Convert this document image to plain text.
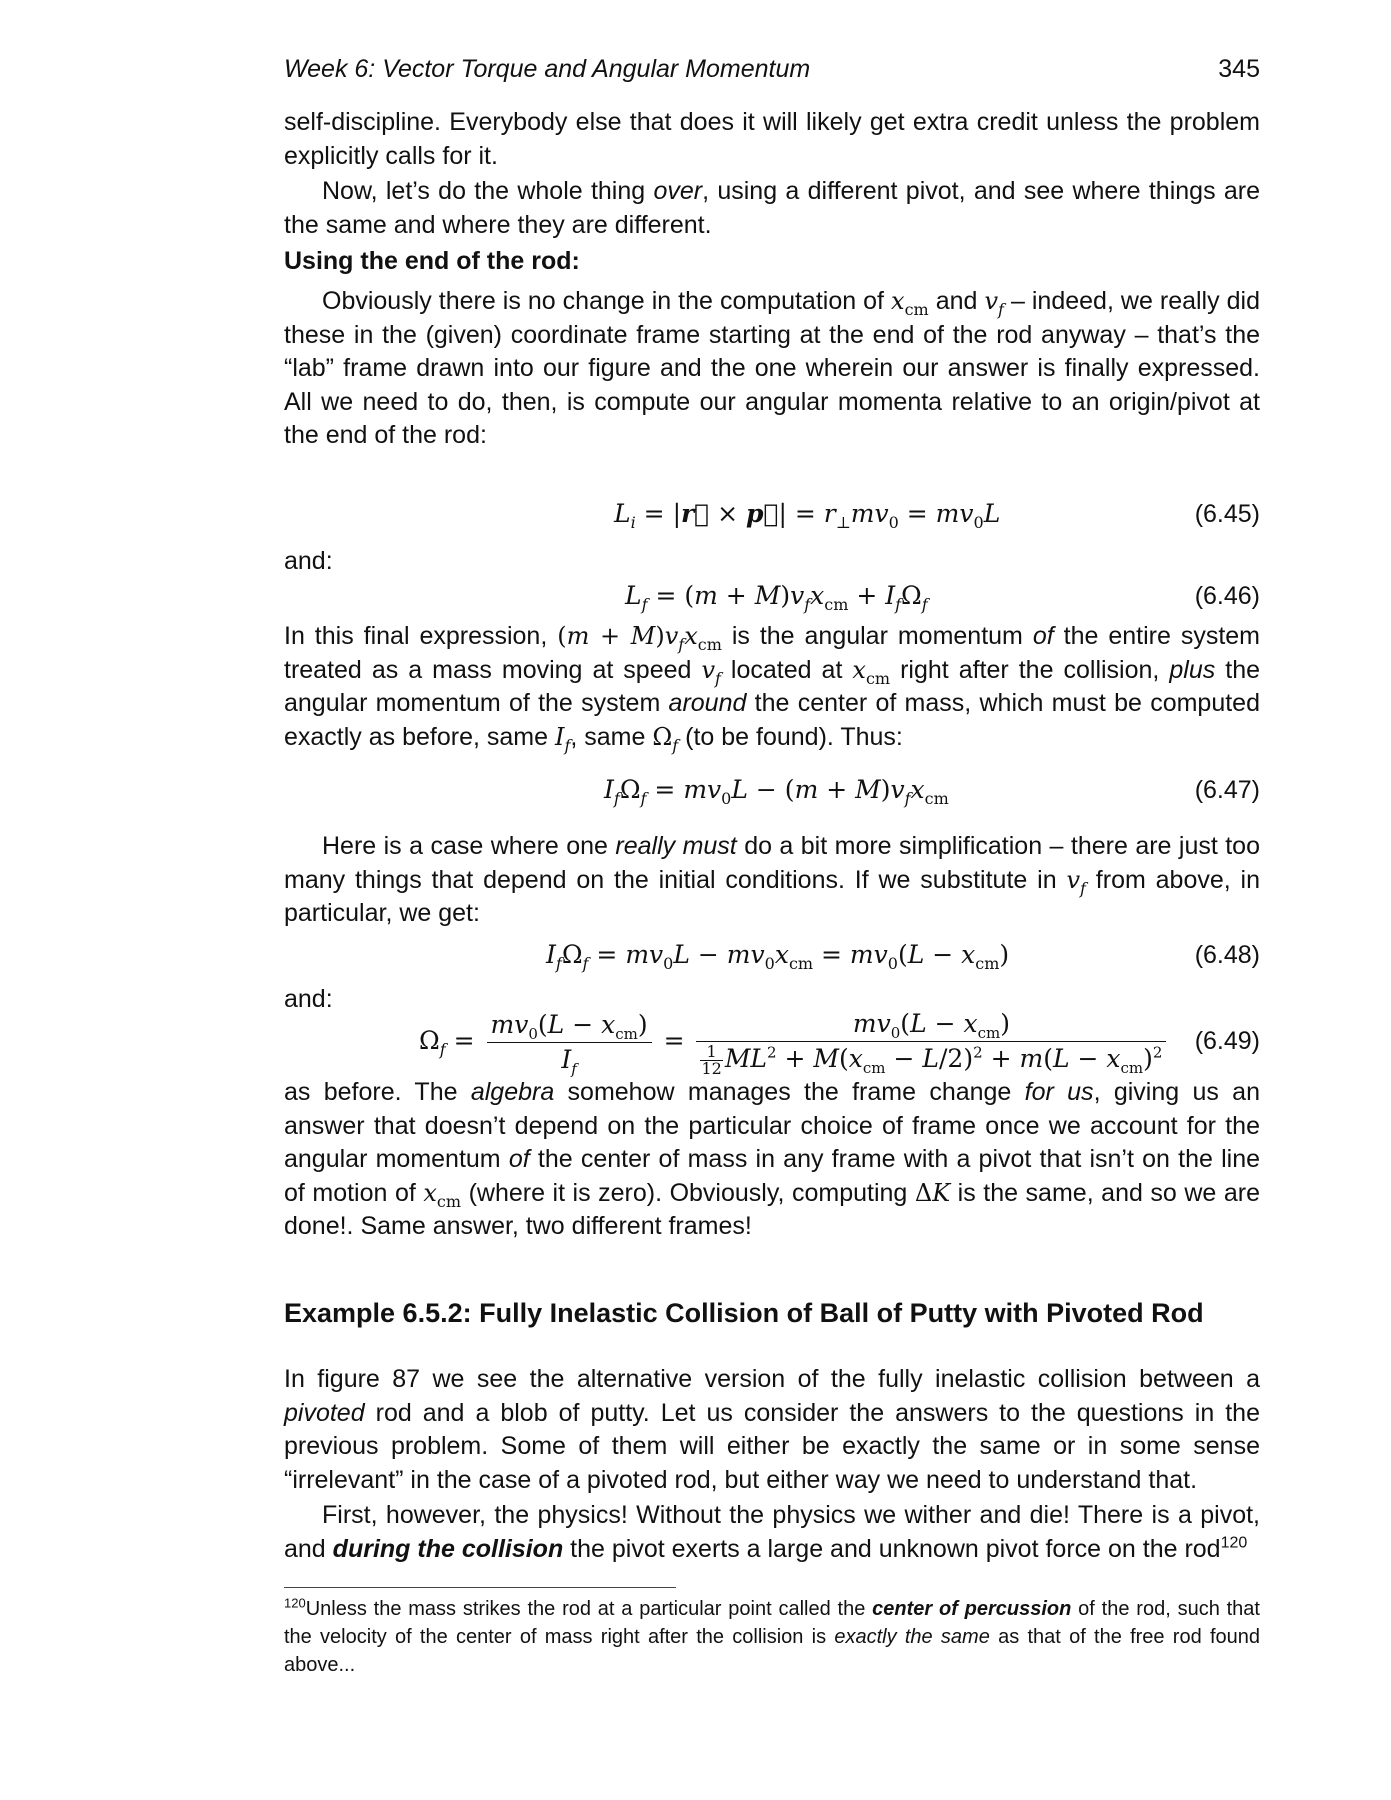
Week 6: Vector Torque and Angular Momentum	345

self-discipline. Everybody else that does it will likely get extra credit unless the problem explicitly calls for it.

Now, let’s do the whole thing over, using a different pivot, and see where things are the same and where they are different.

Using the end of the rod:

Obviously there is no change in the computation of $x_{cm}$ and $v_f$ – indeed, we really did these in the (given) coordinate frame starting at the end of the rod anyway – that’s the “lab” frame drawn into our figure and the one wherein our answer is finally expressed. All we need to do, then, is compute our angular momenta relative to an origin/pivot at the end of the rod:

$L_i$ = |r⃗ × p⃗| = $r_\perp mv_0 = mv_0L$	(6.45)

and:

$L_f = (m + M)v_fx_{cm} + I_f\Omega_f$	(6.46)

In this final expression, $(m + M)v_fx_{cm}$ is the angular momentum of the entire system treated as a mass moving at speed $v_f$ located at $x_{cm}$ right after the collision, plus the angular momentum of the system around the center of mass, which must be computed exactly as before, same $I_f$, same $\Omega_f$ (to be found). Thus:

$I_f\Omega_f = mv_0L - (m + M)v_fx_{cm}$	(6.47)

Here is a case where one really must do a bit more simplification – there are just too many things that depend on the initial conditions. If we substitute in $v_f$ from above, in particular, we get:

$I_f\Omega_f = mv_0L - mv_0x_{cm} = mv_0(L - x_{cm})$	(6.48)

and:

$\Omega_f = \frac{mv_0(L - x_{cm})}{I_f} = \frac{mv_0(L - x_{cm})}{\frac{1}{12} ML^2 + M(x_{cm} - L/2)^2 + m(L - x_{cm})^2} (6.49)$

as before. The algebra somehow manages the frame change for us, giving us an answer that doesn’t depend on the particular choice of frame once we account for the angular momentum of the center of mass in any frame with a pivot that isn’t on the line of motion of $x_{cm}$ (where it is zero). Obviously, computing ΔK is the same, and so we are done!. Same answer, two different frames!

Example 6.5.2: Fully Inelastic Collision of Ball of Putty with Pivoted Rod

In figure 87 we see the alternative version of the fully inelastic collision between a pivoted rod and a blob of putty. Let us consider the answers to the questions in the previous problem. Some of them will either be exactly the same or in some sense “irrelevant” in the case of a pivoted rod, but either way we need to understand that.

First, however, the physics! Without the physics we wither and die! There is a pivot, and during the collision the pivot exerts a large and unknown pivot force on the rod$^{120}$

$^{120}$Unless the mass strikes the rod at a particular point called the center of percussion of the rod, such that the velocity of the center of mass right after the collision is exactly the same as that of the free rod found above...
